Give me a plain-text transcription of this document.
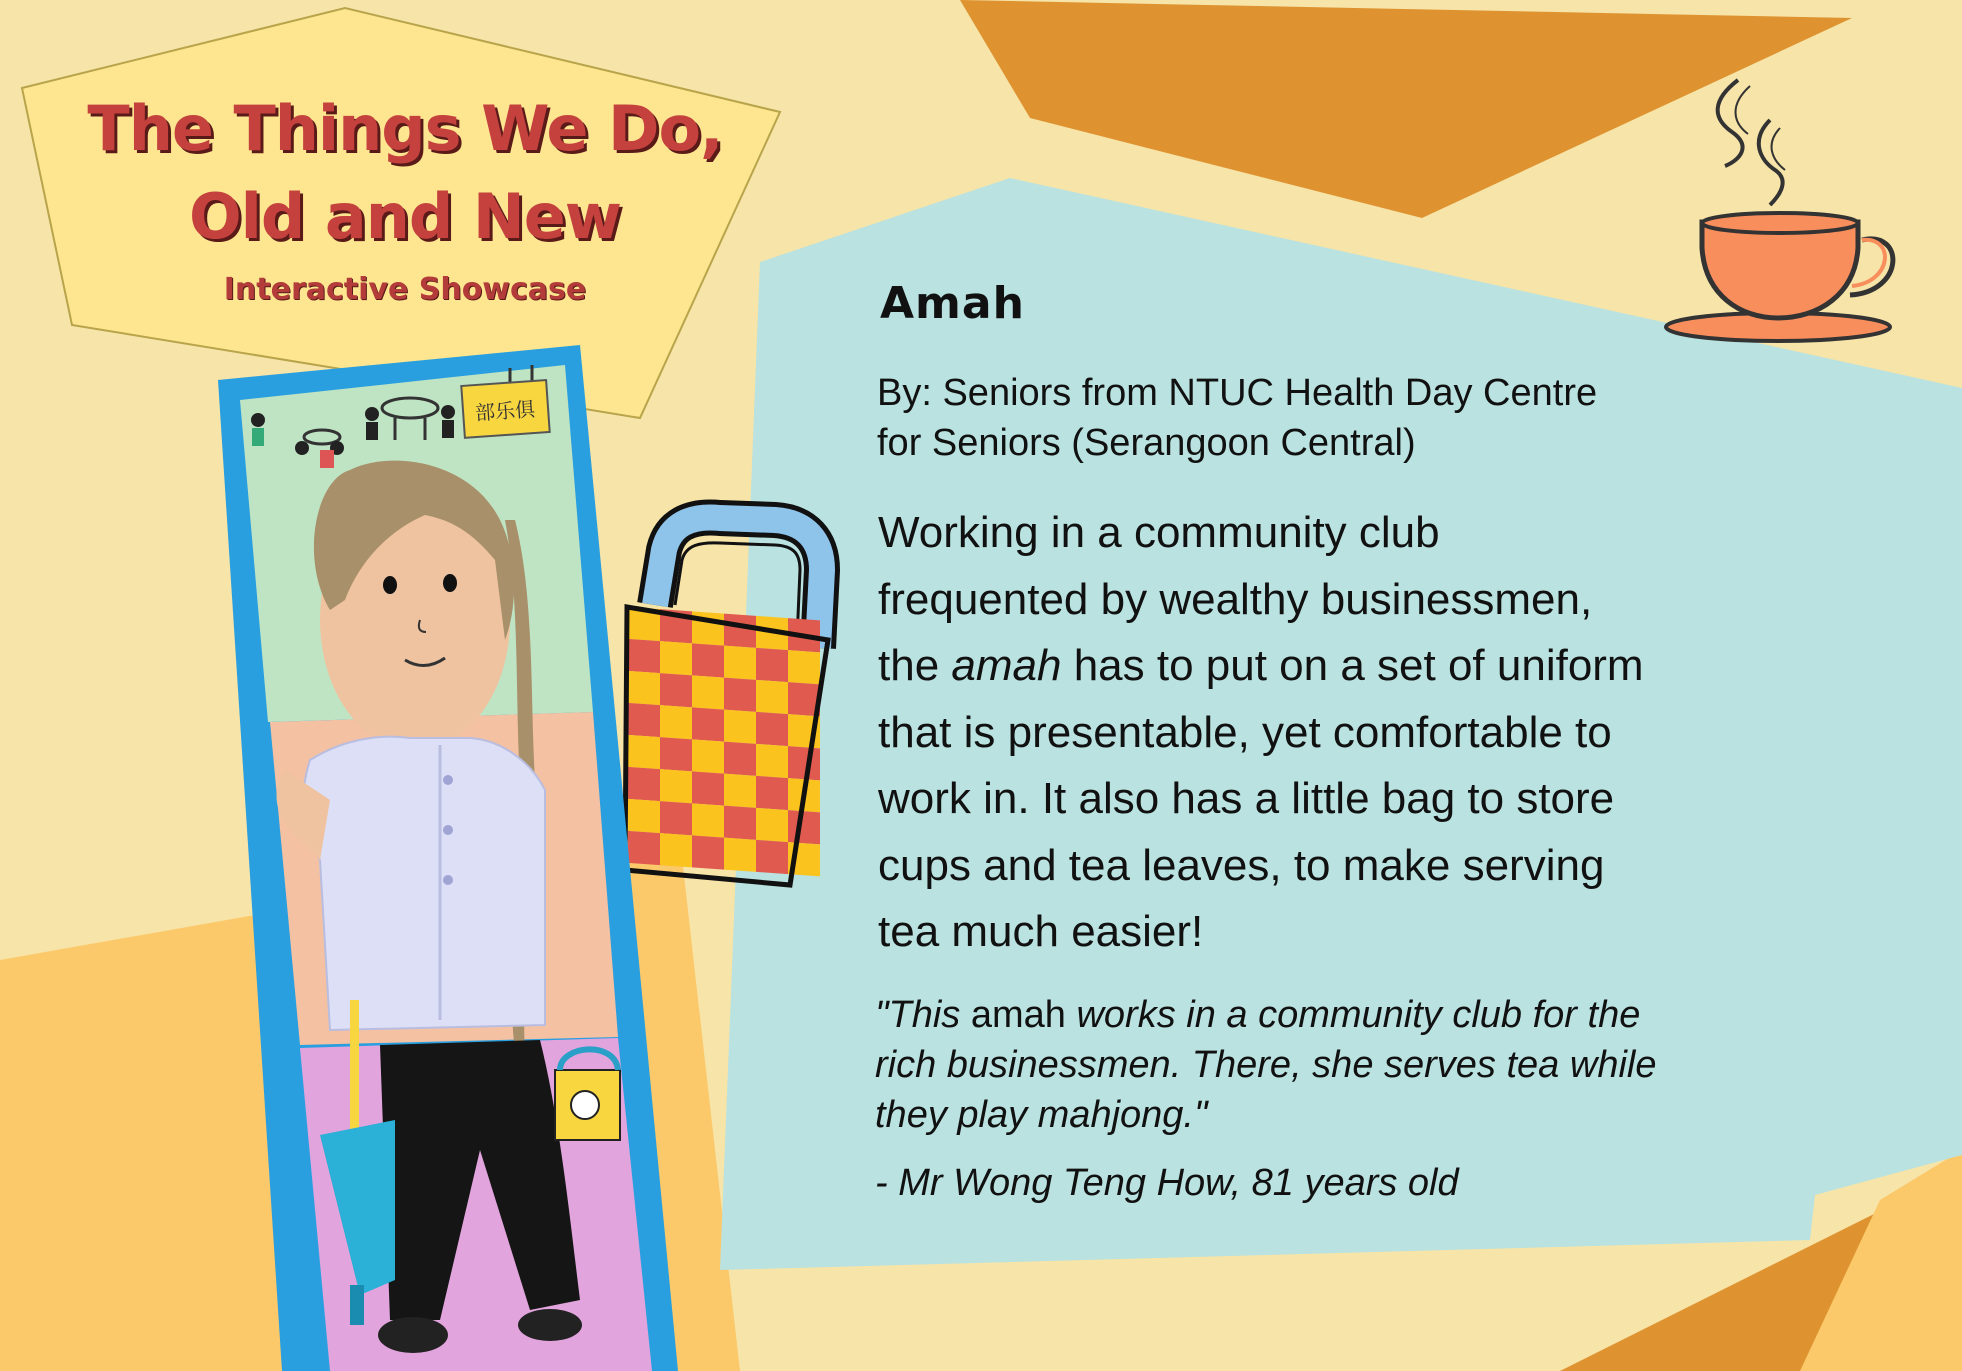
The Things We Do,
Old and New
Interactive Showcase	Amah
By: Seniors from NTUC Health Day Centre
for Seniors (Serangoon Central)
Working in a community club
frequented by wealthy businessmen,
the amah has to put on a set of uniform
that is presentable, yet comfortable to
work in. It also has a little bag to store
cups and tea leaves, to make serving
tea much easier!
"This amah works in a community club for the
rich businessmen. There, she serves tea while
they play mahjong."
- Mr Wong Teng How, 81 years old
部乐俱
